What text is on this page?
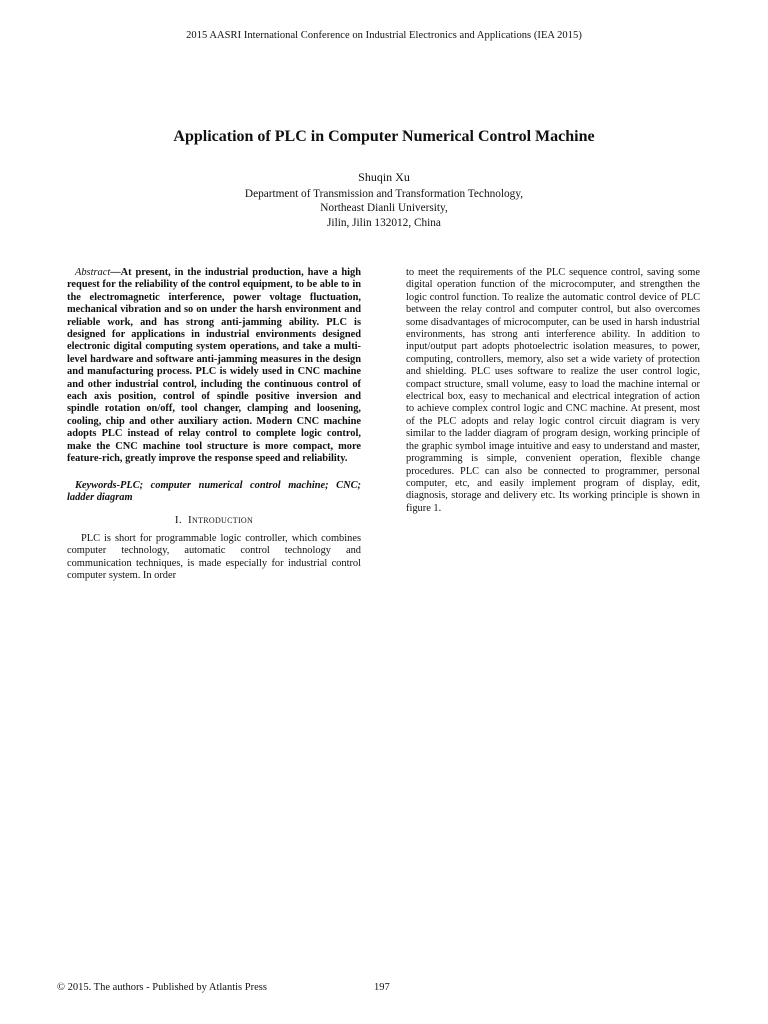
2015 AASRI International Conference on Industrial Electronics and Applications (IEA 2015)
Application of PLC in Computer Numerical Control Machine
Shuqin Xu
Department of Transmission and Transformation Technology,
Northeast Dianli University,
Jilin, Jilin 132012, China

Abstract—At present, in the industrial production, have a high request for the reliability of the control equipment, to be able to in the electromagnetic interference, power voltage fluctuation, mechanical vibration and so on under the harsh environment and reliable work, and has strong anti-jamming ability. PLC is designed for applications in industrial environments designed electronic digital computing system operations, and take a multi-level hardware and software anti-jamming measures in the design and manufacturing process. PLC is widely used in CNC machine and other industrial control, including the continuous control of each axis position, control of spindle positive inversion and spindle rotation on/off, tool changer, clamping and loosening, cooling, chip and other auxiliary action. Modern CNC machine adopts PLC instead of relay control to complete logic control, make the CNC machine tool structure is more compact, more feature-rich, greatly improve the response speed and reliability.

Keywords-PLC; computer numerical control machine; CNC; ladder diagram

I. Introduction

PLC is short for programmable logic controller, which combines computer technology, automatic control technology and communication techniques, is made especially for industrial control computer system. In order

to meet the requirements of the PLC sequence control, saving some digital operation function of the microcomputer, and strengthen the logic control function. To realize the automatic control device of PLC between the relay control and computer control, but also overcomes some disadvantages of microcomputer, can be used in harsh industrial environments, has strong anti interference ability. In addition to input/output part adopts photoelectric isolation measures, to power, computing, controllers, memory, also set a wide variety of protection and shielding. PLC uses software to realize the user control logic, compact structure, small volume, easy to load the machine internal or electrical box, easy to mechanical and electrical integration of action to achieve complex control logic and CNC machine. At present, most of the PLC adopts and relay logic control circuit diagram is very similar to the ladder diagram of program design, working principle of the graphic symbol image intuitive and easy to understand and master, programming is simple, convenient operation, flexible change procedures. PLC can also be connected to programmer, personal computer, etc, and easily implement program of display, edit, diagnosis, storage and delivery etc. Its working principle is shown in figure 1.

© 2015. The authors - Published by Atlantis Press	197
